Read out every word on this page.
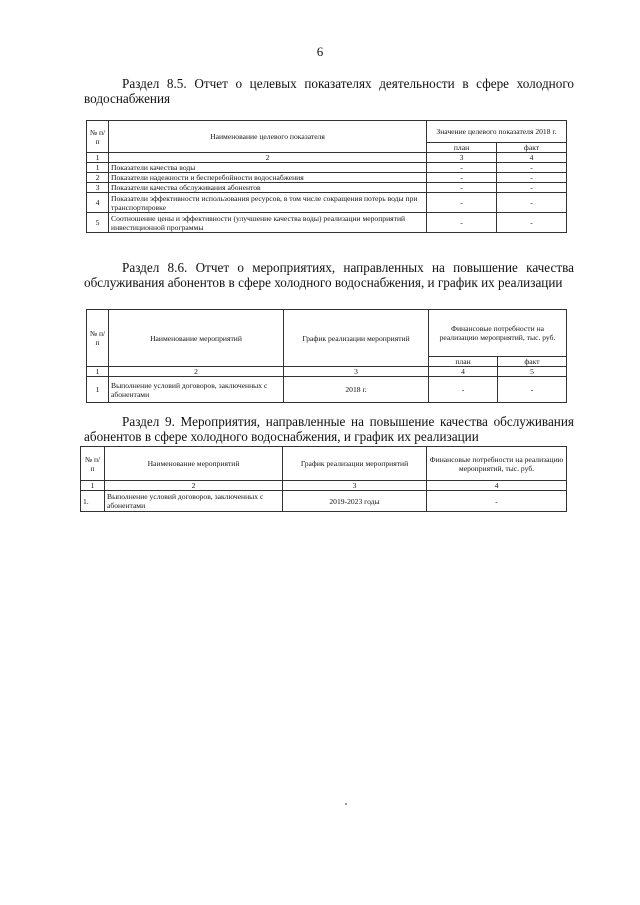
6

Раздел 8.5. Отчет о целевых показателях деятельности в сфере холодного водоснабжения

№ п/п	Наименование целевого показателя	Значение целевого показателя 2018 г.	
		план	факт
1	2	3	4
1	Показатели качества воды	-	-
2	Показатели надежности и бесперебойности водоснабжения	-	-
3	Показатели качества обслуживания абонентов	-	-
4	Показатели эффективности использования ресурсов, в том числе сокращения потерь воды при транспортировке	-	-
5	Соотношение цены и эффективности (улучшение качества воды) реализации мероприятий инвестиционной программы	-	-

Раздел 8.6. Отчет о мероприятиях, направленных на повышение качества обслуживания абонентов в сфере холодного водоснабжения, и график их реализации

№ п/п	Наименование мероприятий	График реализации мероприятий	Финансовые потребности на реализацию мероприятий, тыс. руб.	
			план	факт
1	2	3	4	5
1	Выполнение условий договоров, заключенных с абонентами	2018 г.	-	-

Раздел 9. Мероприятия, направленные на повышение качества обслуживания абонентов в сфере холодного водоснабжения, и график их реализации

№ п/п	Наименование мероприятий	График реализации мероприятий	Финансовые потребности на реализацию мероприятий, тыс. руб.
1	2	3	4
1.	Выполнение условий договоров, заключенных с абонентами	2019-2023 годы	-
